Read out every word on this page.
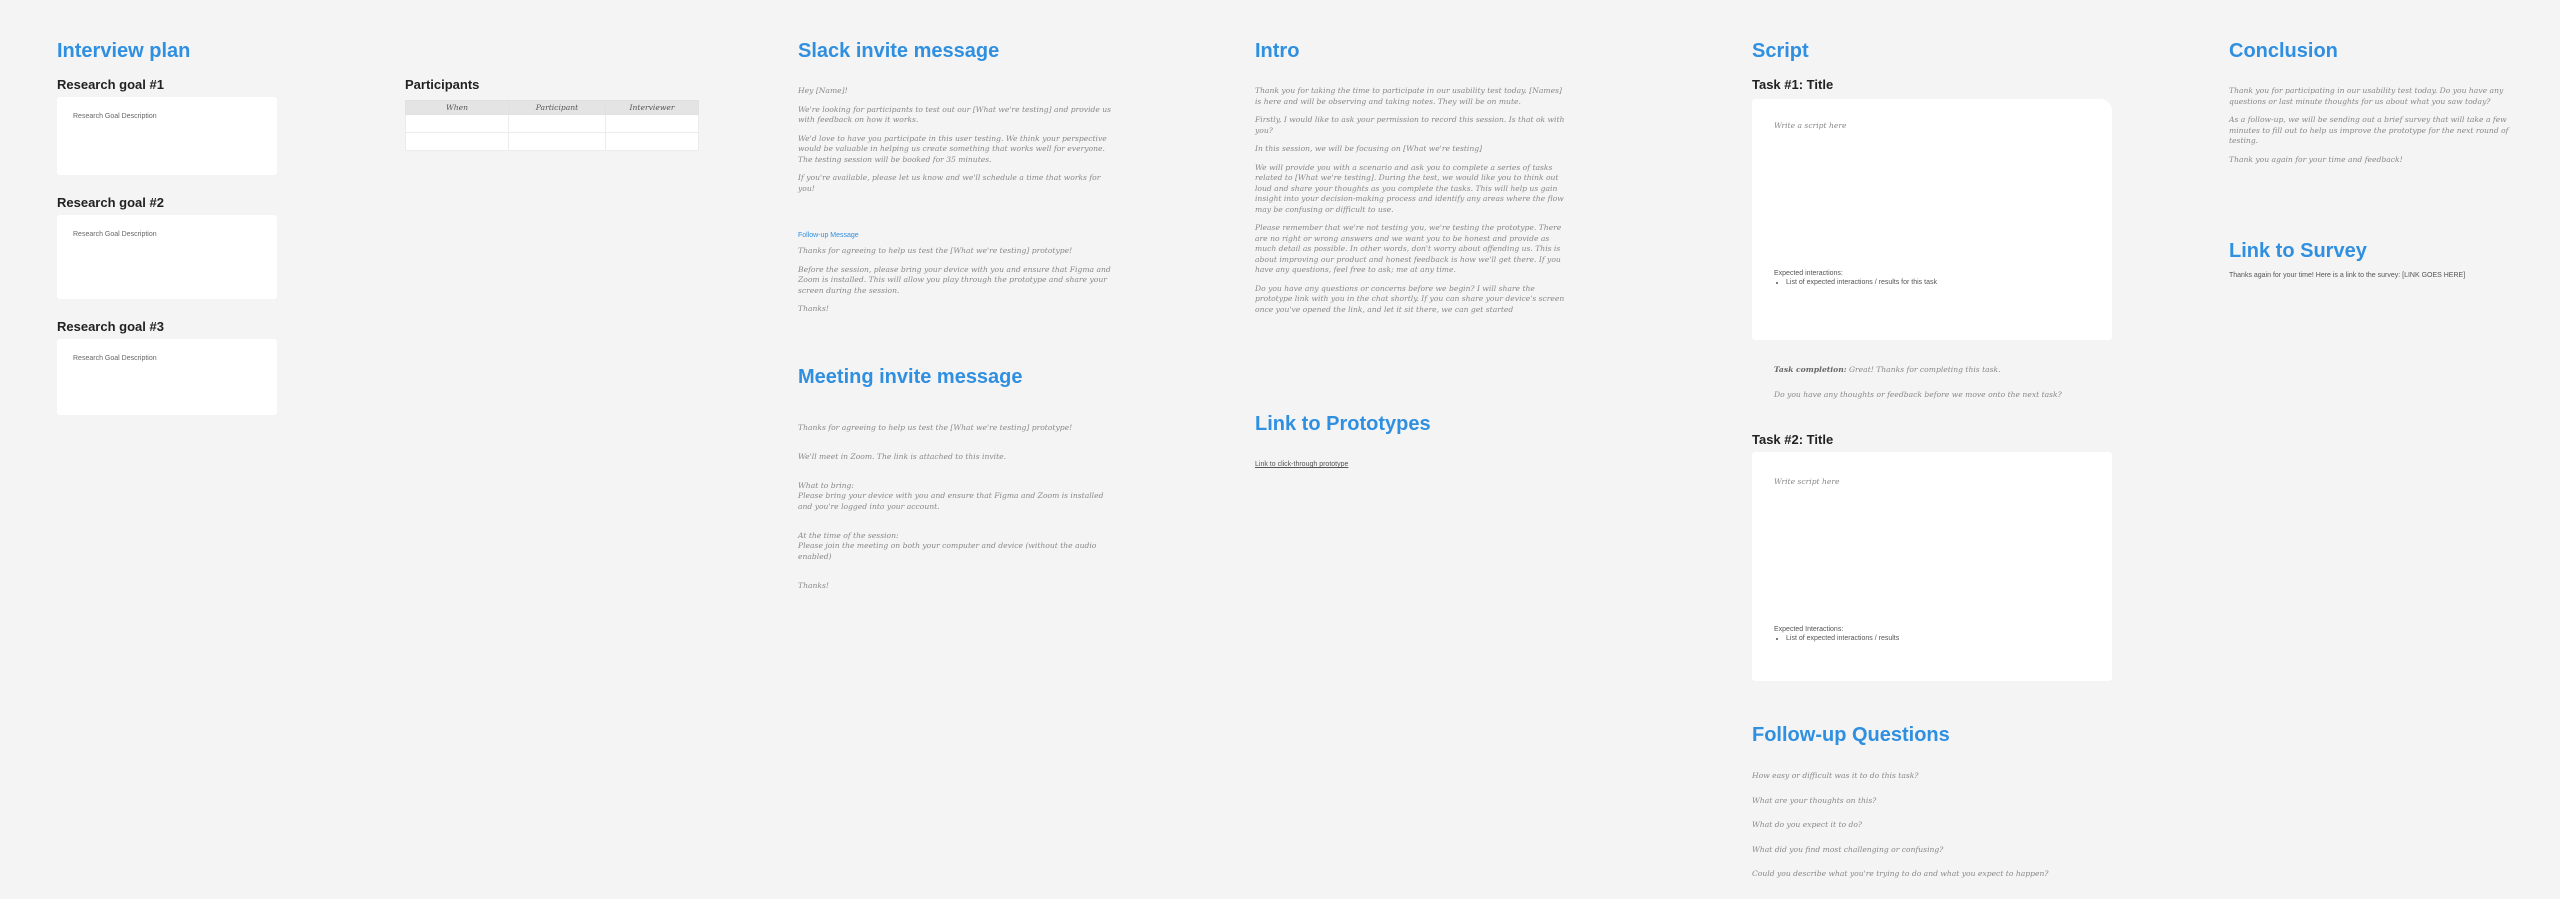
Interview plan
Research goal #1
Research Goal Description
Research goal #2
Research Goal Description
Research goal #3
Research Goal Description
Participants
When	Participant	Interviewer

Slack invite message

Hey [Name]!

We're looking for participants to test out our [What we're testing] and provide us with feedback on how it works.

We'd love to have you participate in this user testing. We think your perspective would be valuable in helping us create something that works well for everyone. The testing session will be booked for 35 minutes.

If you're available, please let us know and we'll schedule a time that works for you!

Follow-up Message

Thanks for agreeing to help us test the [What we're testing] prototype!

Before the session, please bring your device with you and ensure that Figma and Zoom is installed. This will allow you play through the prototype and share your screen during the session.

Thanks!

Meeting invite message

Thanks for agreeing to help us test the [What we're testing] prototype!

We'll meet in Zoom. The link is attached to this invite.

What to bring:
Please bring your device with you and ensure that Figma and Zoom is installed and you're logged into your account.

At the time of the session:
Please join the meeting on both your computer and device (without the audio enabled)

Thanks!

Intro

Thank you for taking the time to participate in our usability test today. [Names] is here and will be observing and taking notes. They will be on mute.

Firstly, I would like to ask your permission to record this session. Is that ok with you?

In this session, we will be focusing on [What we're testing]

We will provide you with a scenario and ask you to complete a series of tasks related to [What we're testing]. During the test, we would like you to think out loud and share your thoughts as you complete the tasks. This will help us gain insight into your decision-making process and identify any areas where the flow may be confusing or difficult to use.

Please remember that we're not testing you, we're testing the prototype. There are no right or wrong answers and we want you to be honest and provide as much detail as possible. In other words, don't worry about offending us. This is about improving our product and honest feedback is how we'll get there. If you have any questions, feel free to ask; me at any time.

Do you have any questions or concerns before we begin? I will share the prototype link with you in the chat shortly. If you can share your device's screen once you've opened the link, and let it sit there, we can get started

Link to Prototypes
Link to click-through prototype
Script
Task #1: Title
Write a script here
Expected interactions:
• List of expected interactions / results for this task

Task completion: Great! Thanks for completing this task.

Do you have any thoughts or feedback before we move onto the next task?

Task #2: Title
Write script here
Expected Interactions:
• List of expected interactions / results
Follow-up Questions

How easy or difficult was it to do this task?

What are your thoughts on this?

What do you expect it to do?

What did you find most challenging or confusing?

Could you describe what you're trying to do and what you expect to happen?

Conclusion

Thank you for participating in our usability test today. Do you have any questions or last minute thoughts for us about what you saw today?

As a follow-up, we will be sending out a brief survey that will take a few minutes to fill out to help us improve the prototype for the next round of testing.

Thank you again for your time and feedback!

Link to Survey
Thanks again for your time! Here is a link to the survey: [LINK GOES HERE]
